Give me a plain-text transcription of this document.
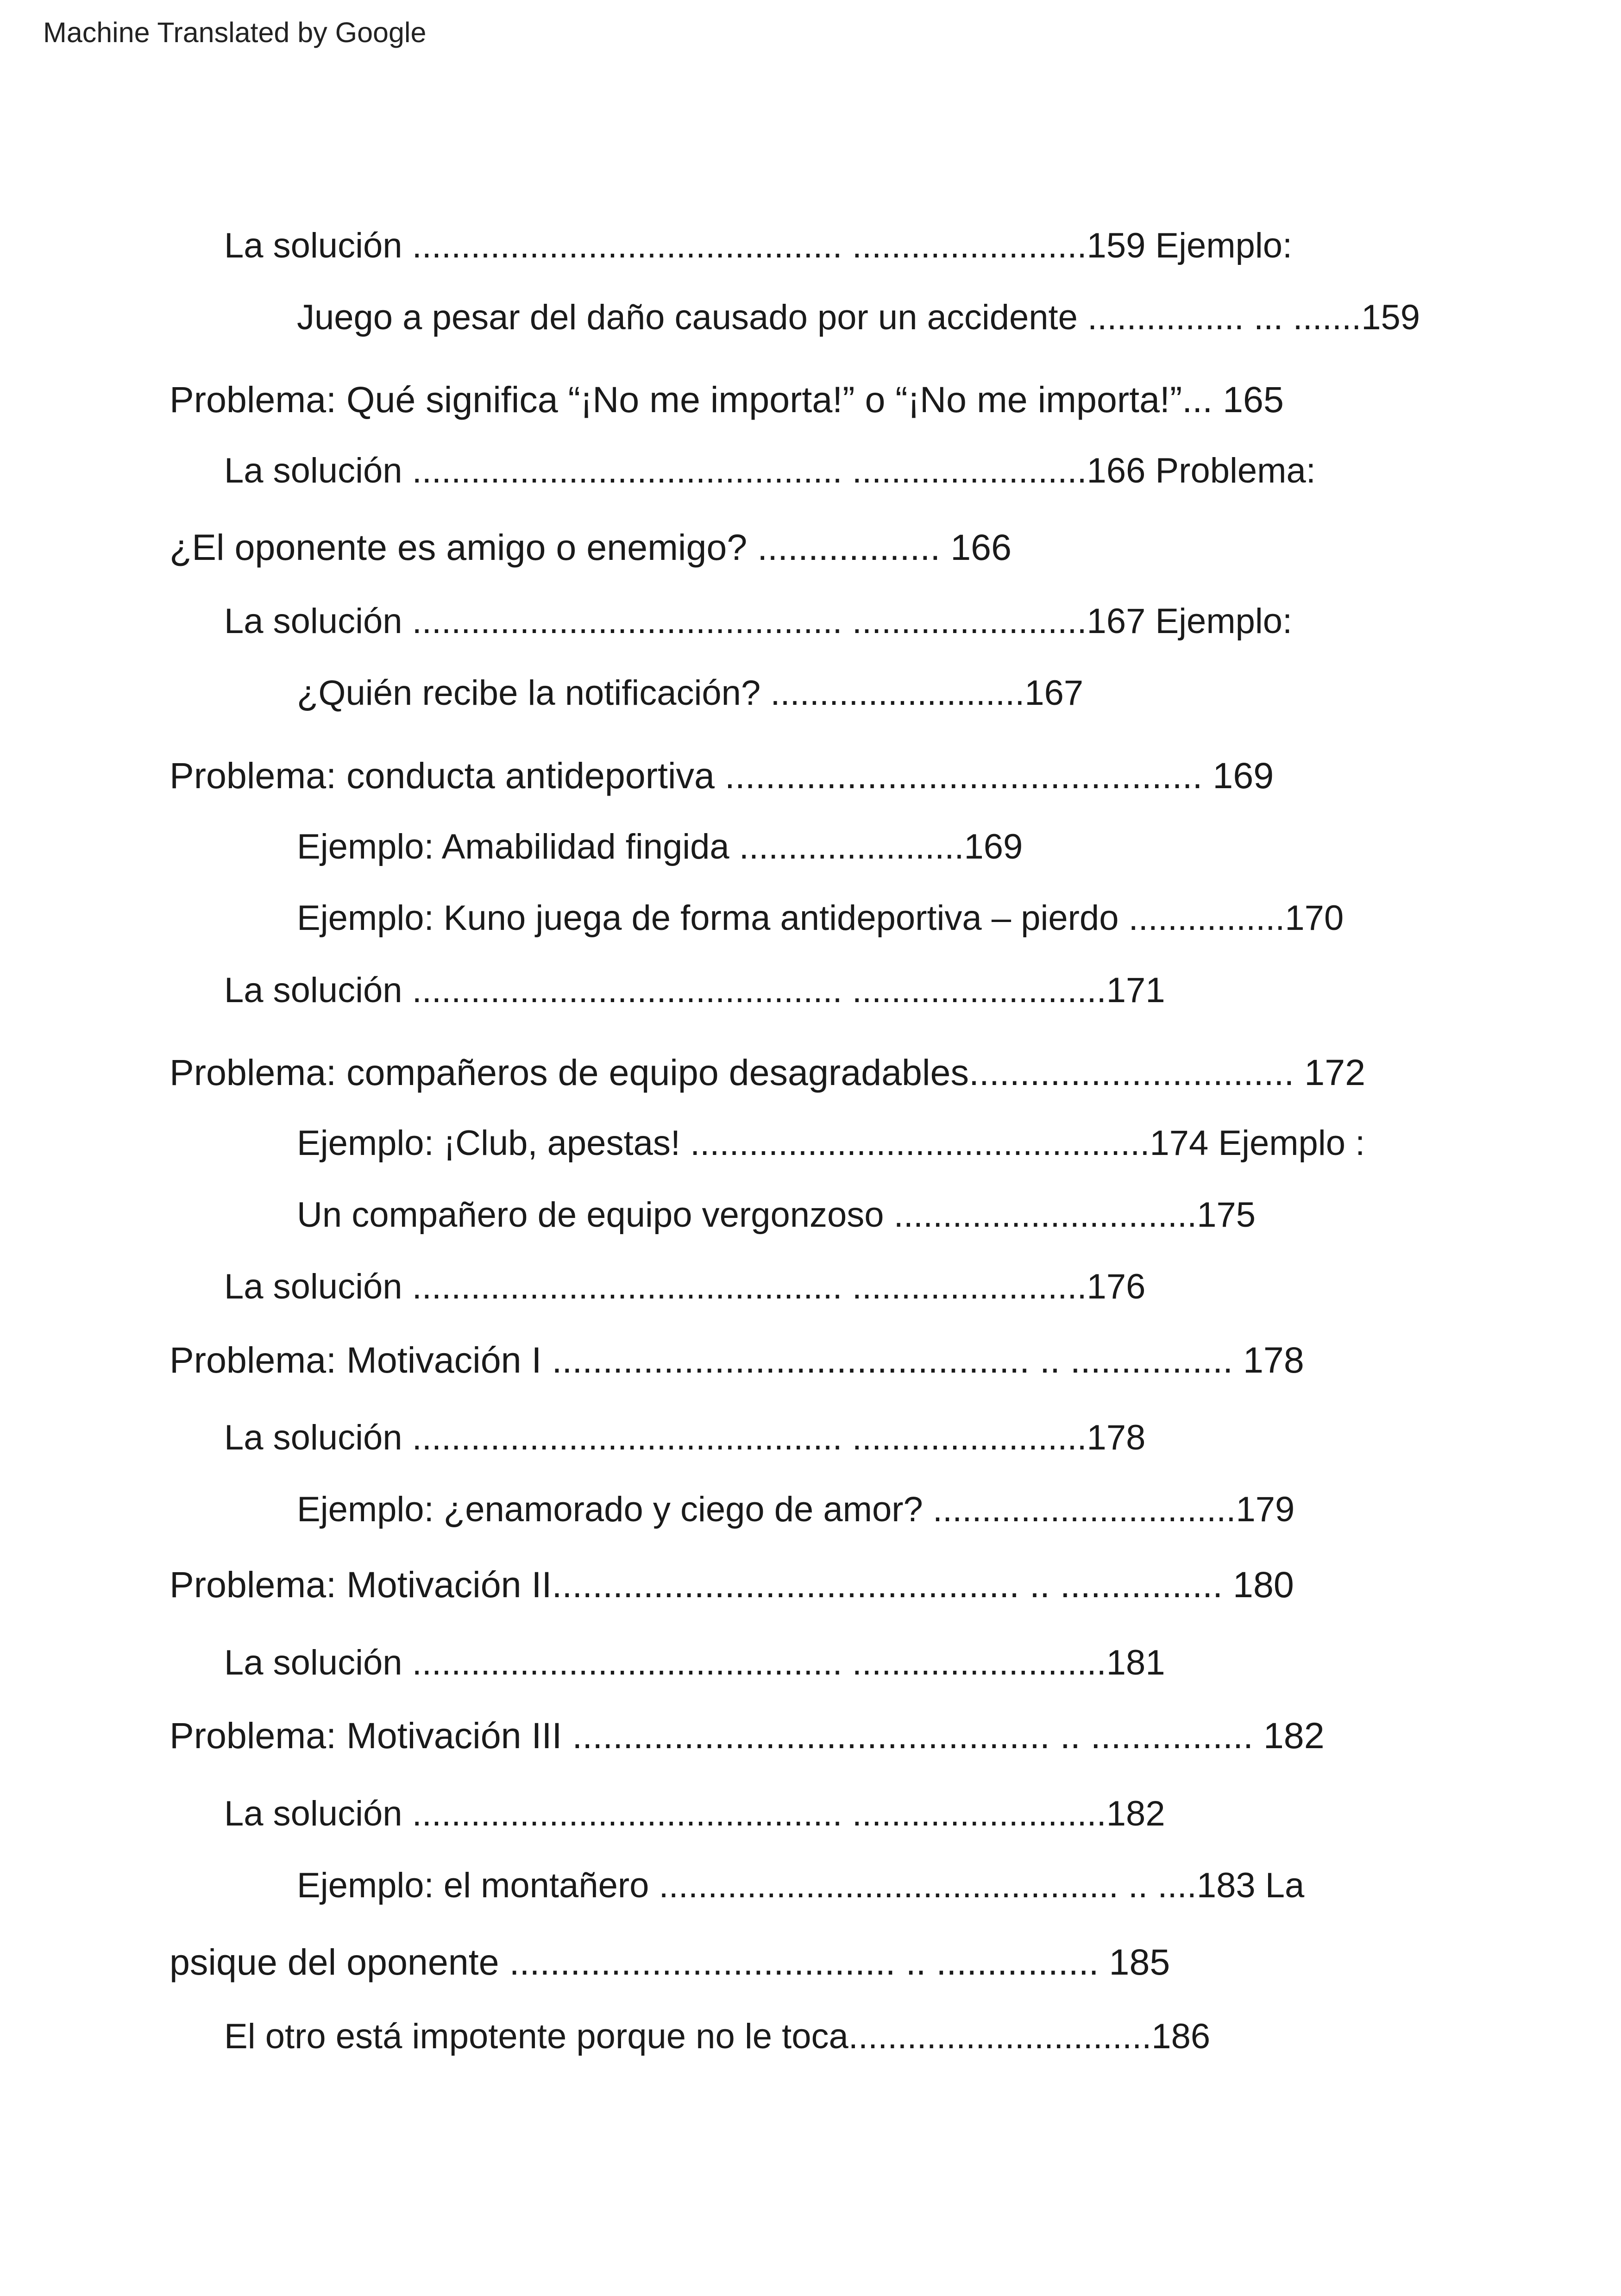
Machine Translated by Google
La solución ............................................ ........................159 Ejemplo:
Juego a pesar del daño causado por un accidente ................ ... .......159
Problema: Qué significa “¡No me importa!” o “¡No me importa!”... 165
La solución ............................................ ........................166 Problema:
¿El oponente es amigo o enemigo? .................. 166
La solución ............................................ ........................167 Ejemplo:
¿Quién recibe la notificación? ..........................167
Problema: conducta antideportiva ............................................... 169
Ejemplo: Amabilidad fingida .......................169
Ejemplo: Kuno juega de forma antideportiva – pierdo ................170
La solución ............................................ ..........................171
Problema: compañeros de equipo desagradables................................ 172
Ejemplo: ¡Club, apestas! ...............................................174 Ejemplo :
Un compañero de equipo vergonzoso ...............................175
La solución ............................................ ........................176
Problema: Motivación I ............................................... .. ................ 178
La solución ............................................ ........................178
Ejemplo: ¿enamorado y ciego de amor? ...............................179
Problema: Motivación II.............................................. .. ................ 180
La solución ............................................ ..........................181
Problema: Motivación III ............................................... .. ................ 182
La solución ............................................ ..........................182
Ejemplo: el montañero ............................................... .. ....183 La
psique del oponente ...................................... .. ................ 185
El otro está impotente porque no le toca...............................186
